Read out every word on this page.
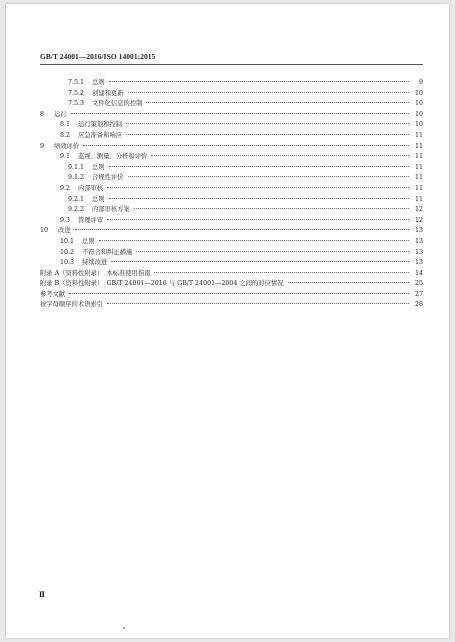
GB/T 24001—2016/ISO 14001:2015
7.5.1 总则	9
7.5.2 创建和更新	10
7.5.3 文件化信息的控制	10
8 运行	10
8.1 运行策划和控制	10
8.2 应急准备和响应	11
9 绩效评价	11
9.1 监视、测量、分析和评价	11
9.1.1 总则	11
9.1.2 合规性评价	11
9.2 内部审核	11
9.2.1 总则	11
9.2.2 内部审核方案	12
9.3 管理评审	12
10 改进	13
10.1 总则	13
10.2 不符合和纠正措施	13
10.3 持续改进	13
附录 A（资料性附录）　本标准使用指南	14
附录 B（资料性附录）　GB/T 24001—2016 与 GB/T 24001—2004 之间的对应情况	25
参考文献	27
按字母顺序的术语索引	28
Ⅱ
